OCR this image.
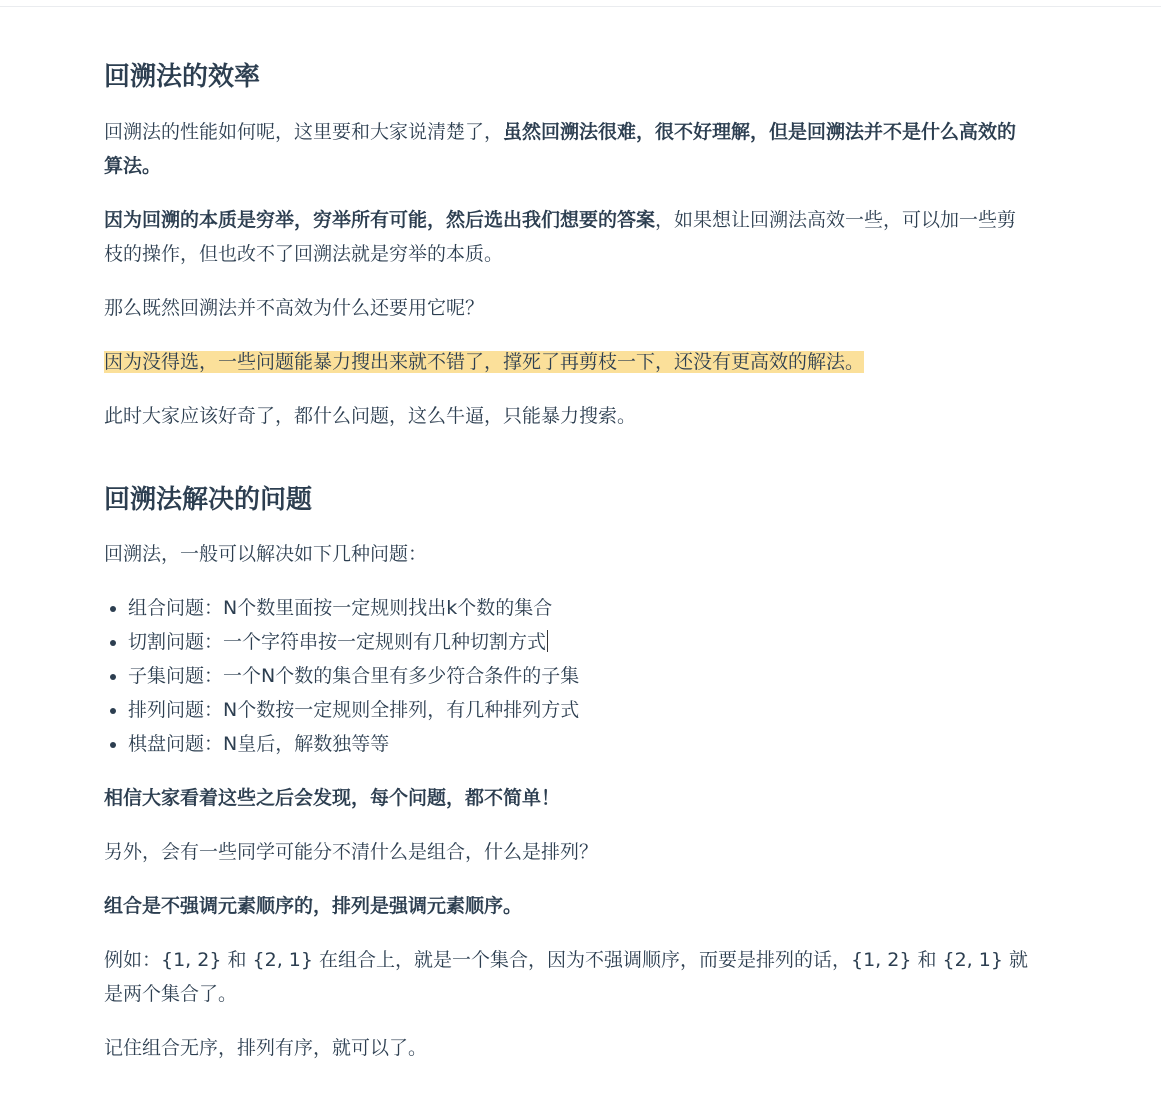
回溯法的效率

回溯法的性能如何呢，这里要和大家说清楚了，虽然回溯法很难，很不好理解，但是回溯法并不是什么高效的算法。

因为回溯的本质是穷举，穷举所有可能，然后选出我们想要的答案，如果想让回溯法高效一些，可以加一些剪枝的操作，但也改不了回溯法就是穷举的本质。

那么既然回溯法并不高效为什么还要用它呢？

因为没得选，一些问题能暴力搜出来就不错了，撑死了再剪枝一下，还没有更高效的解法。

此时大家应该好奇了，都什么问题，这么牛逼，只能暴力搜索。

回溯法解决的问题

回溯法，一般可以解决如下几种问题：

• 组合问题：N个数里面按一定规则找出k个数的集合
• 切割问题：一个字符串按一定规则有几种切割方式
• 子集问题：一个N个数的集合里有多少符合条件的子集
• 排列问题：N个数按一定规则全排列，有几种排列方式
• 棋盘问题：N皇后，解数独等等

相信大家看着这些之后会发现，每个问题，都不简单！

另外，会有一些同学可能分不清什么是组合，什么是排列？

组合是不强调元素顺序的，排列是强调元素顺序。

例如：{1, 2} 和 {2, 1} 在组合上，就是一个集合，因为不强调顺序，而要是排列的话，{1, 2} 和 {2, 1} 就是两个集合了。

记住组合无序，排列有序，就可以了。
